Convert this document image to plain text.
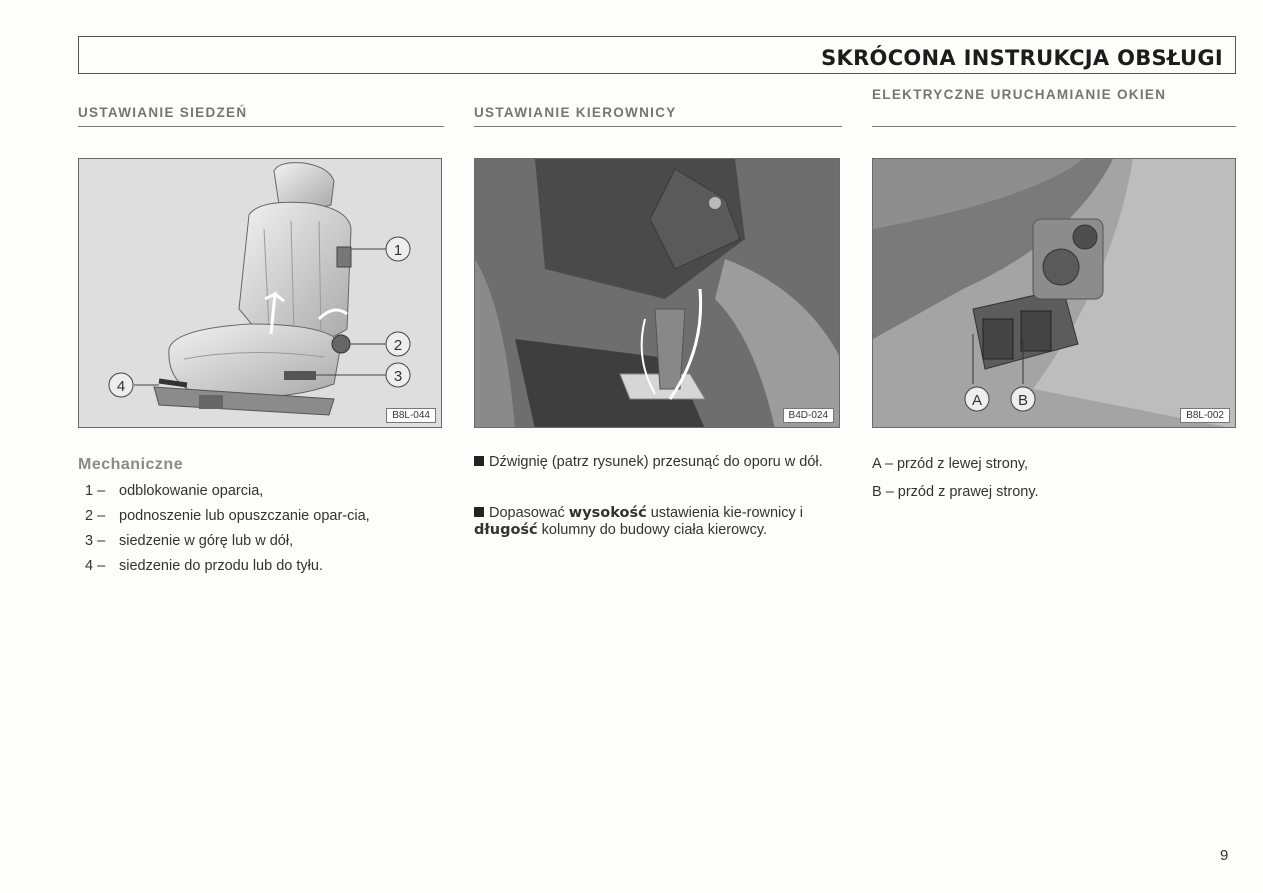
SKRÓCONA INSTRUKCJA OBSŁUGI
USTAWIANIE SIEDZEŃ
1
2
3
4
B8L-044
Mechaniczne
1 – odblokowanie oparcia,
2 – podnoszenie lub opuszczanie opar-cia,
3 – siedzenie w górę lub w dół,
4 – siedzenie do przodu lub do tyłu.
USTAWIANIE KIEROWNICY
B4D-024

Dźwignię (patrz rysunek) przesunąć do oporu w dół.

Dopasować wysokość ustawienia kie-rownicy i długość kolumny do budowy ciała kierowcy.

ELEKTRYCZNE URUCHAMIANIE OKIEN
A B
B8L-002
A – przód z lewej strony,
B – przód z prawej strony.
9
